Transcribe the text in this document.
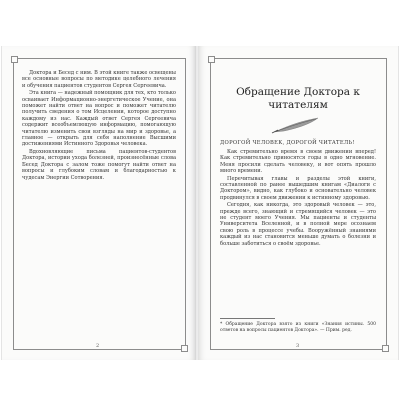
Доктора и Бесед с ним. В этой книге также освещены все основные вопросы по методике целебного лечения и обучения пациентов студентов Сергея Сергеевича.

Эта книга — надежный помощник для тех, кто только осваивает Информационно-энергетическое Учение, она поможет найти ответ на вопрос и поможет читателю получить сведения о том Исцелении, которое доступно каждому из нас. Каждый ответ Сергея Сергеевича содержит всеобъемлющую информацию, помогающую читателю изменить свои взгляды на мир и здоровье, а главное — открыть для себя наполнение Высшими достижениями Истинного Здоровья человека.

Вдохновляющие письма пациентов-студентов Доктора, истории ухода болезней, произнесённые слова Бесед Доктора с залом тоже помогут найти ответ на вопросы и глубоким словам и благодарностью к чудесам Энергии Сотворения.

2
Обращение Доктора к читателям
ДОРОГОЙ ЧЕЛОВЕК, ДОРОГОЙ ЧИТАТЕЛЬ!

Как стремительно время в своем движении вперед! Как стремительно приносятся годы в одно мгновение. Меня просили сделать человеку, и вот опять прошло много времени.

Перечитывая главы и разделы этой книги, составленной по ранее вышедшим книгам «Диалоги с Доктором», видно, как глубоко и основательно человек продвинулся в своем движении к истинному здоровью.

Сегодня, как никогда, это здоровый человек — это, прежде всего, знающий и стремящийся человек — это не студент моего Учения. Мы пациенты и студенты Университета Вселенной, и в полной мере осознаем свою роль в процессе учебы. Вооружённый знаниями каждый из нас становится меньше думать о болезни и больше заботиться о своём здоровье.

* Обращение Доктора взято из книги «Знания истины. 500 ответов на вопросы пациентов Доктора». — Прим. ред.
3
